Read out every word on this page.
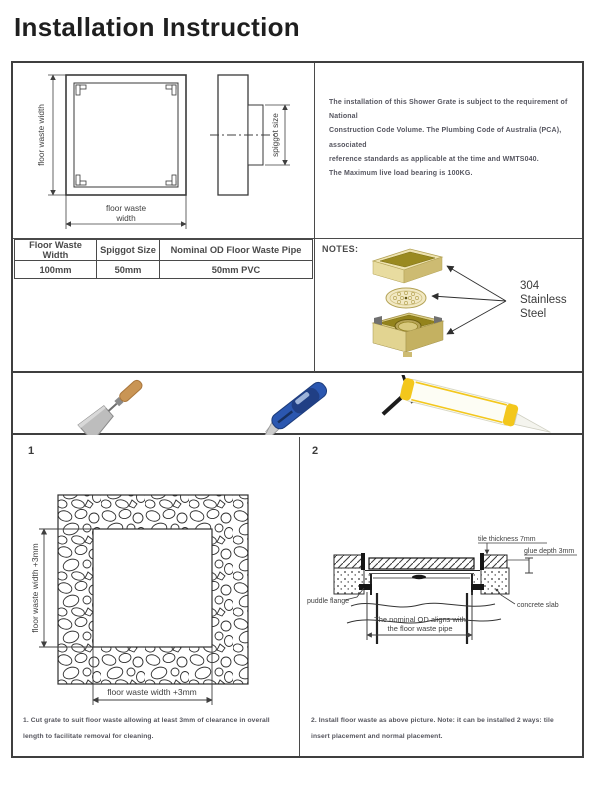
Installation Instruction
floor waste width
floor waste
width
spiggot size
The installation of this Shower Grate is subject to the requirement of National
Construction Code Volume. The Plumbing Code of Australia (PCA), associated
reference standards as applicable at the time and WMTS040.
The Maximum live load bearing is 100KG.
Floor Waste Width	Spiggot Size	Nominal OD Floor Waste Pipe
100mm	50mm	50mm PVC
NOTES:
304
Stainless
Steel
1
floor waste width +3mm
floor waste width +3mm
1. Cut grate to suit floor waste allowing at least 3mm of clearance in overall length to facilitate removal for cleaning.
2
tile thickness 7mm
glue depth 3mm
puddle flange
concrete slab
The nominal OD aligns with
the floor waste pipe
2. Install floor waste as above picture. Note: it can be installed 2 ways: tile insert placement and normal placement.
